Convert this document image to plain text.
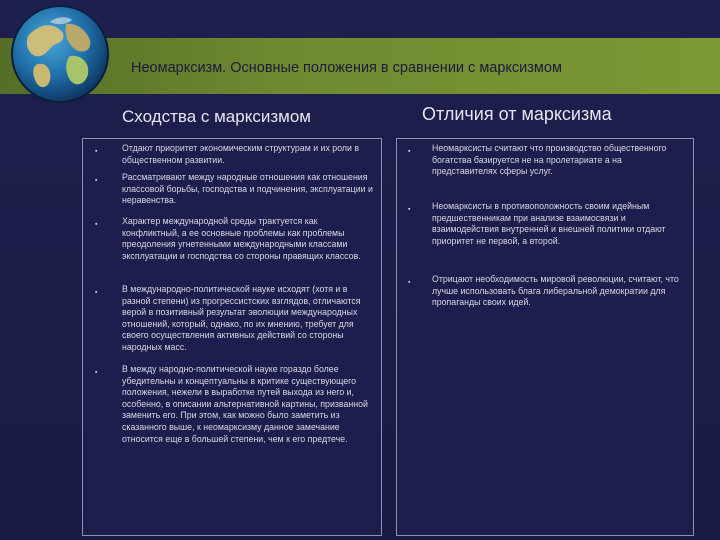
Неомарксизм. Основные положения в сравнении с марксизмом
Сходства с марксизмом	Отличия от марксизма
▪	Отдают приоритет экономическим структурам и их роли в общественном развитии.
▪	Рассматривают между народные отношения как отношения классовой борьбы, господства и подчинения, эксплуатации и неравенства.
▪	Характер международной среды трактуется как конфликтный, а ее основные проблемы как проблемы преодоления угнетенными международными классами эксплуатации и господства со стороны правящих классов.
▪	В международно-политической науке исходят (хотя и в разной степени) из прогрессистских взглядов, отличаются верой в позитивный результат эволюции международных отношений, который, однако, по их мнению, требует для своего осуществления активных действий со стороны народных масс.
▪	В между народно-политической науке гораздо более убедительны и концептуальны в критике существующего положения, нежели в выработке путей выхода из него и, особенно, в описании альтернативной картины, призванной заменить его. При этом, как можно было заметить из сказанного выше, к неомарксизму данное замечание относится еще в большей степени, чем к его предтече.
▪ Неомарксисты считают что производство общественного богатства базируется не на пролетариате а на представителях сферы услуг.
▪ Неомарксисты в противоположность своим идейным предшественникам при анализе взаимосвязи и взаимодействия внутренней и внешней политики отдают приоритет не первой, а второй.
▪ Отрицают необходимость мировой революции, считают, что лучше использовать блага либеральной демократии для пропаганды своих идей.
